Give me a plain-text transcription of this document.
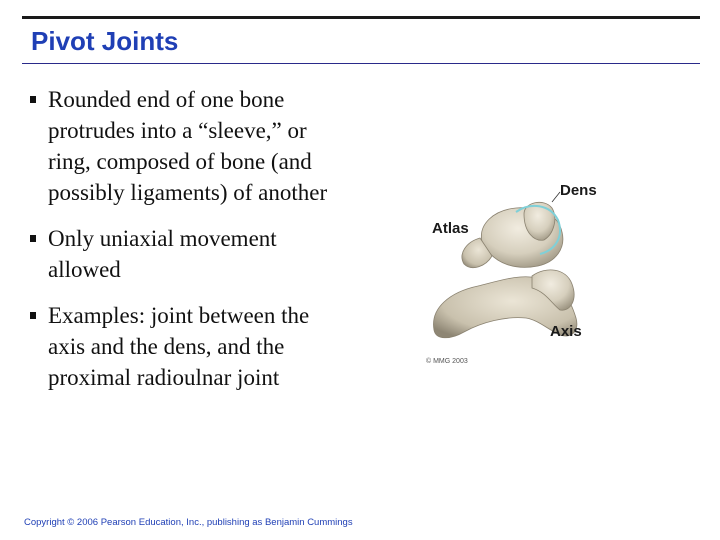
Pivot Joints
Rounded end of one bone protrudes into a “sleeve,” or ring, composed of bone (and possibly ligaments) of another
Only uniaxial movement allowed
Examples: joint between the axis and the dens, and the proximal radioulnar joint
Dens
Atlas
Axis
© MMG 2003
Copyright © 2006 Pearson Education, Inc., publishing as Benjamin Cummings
